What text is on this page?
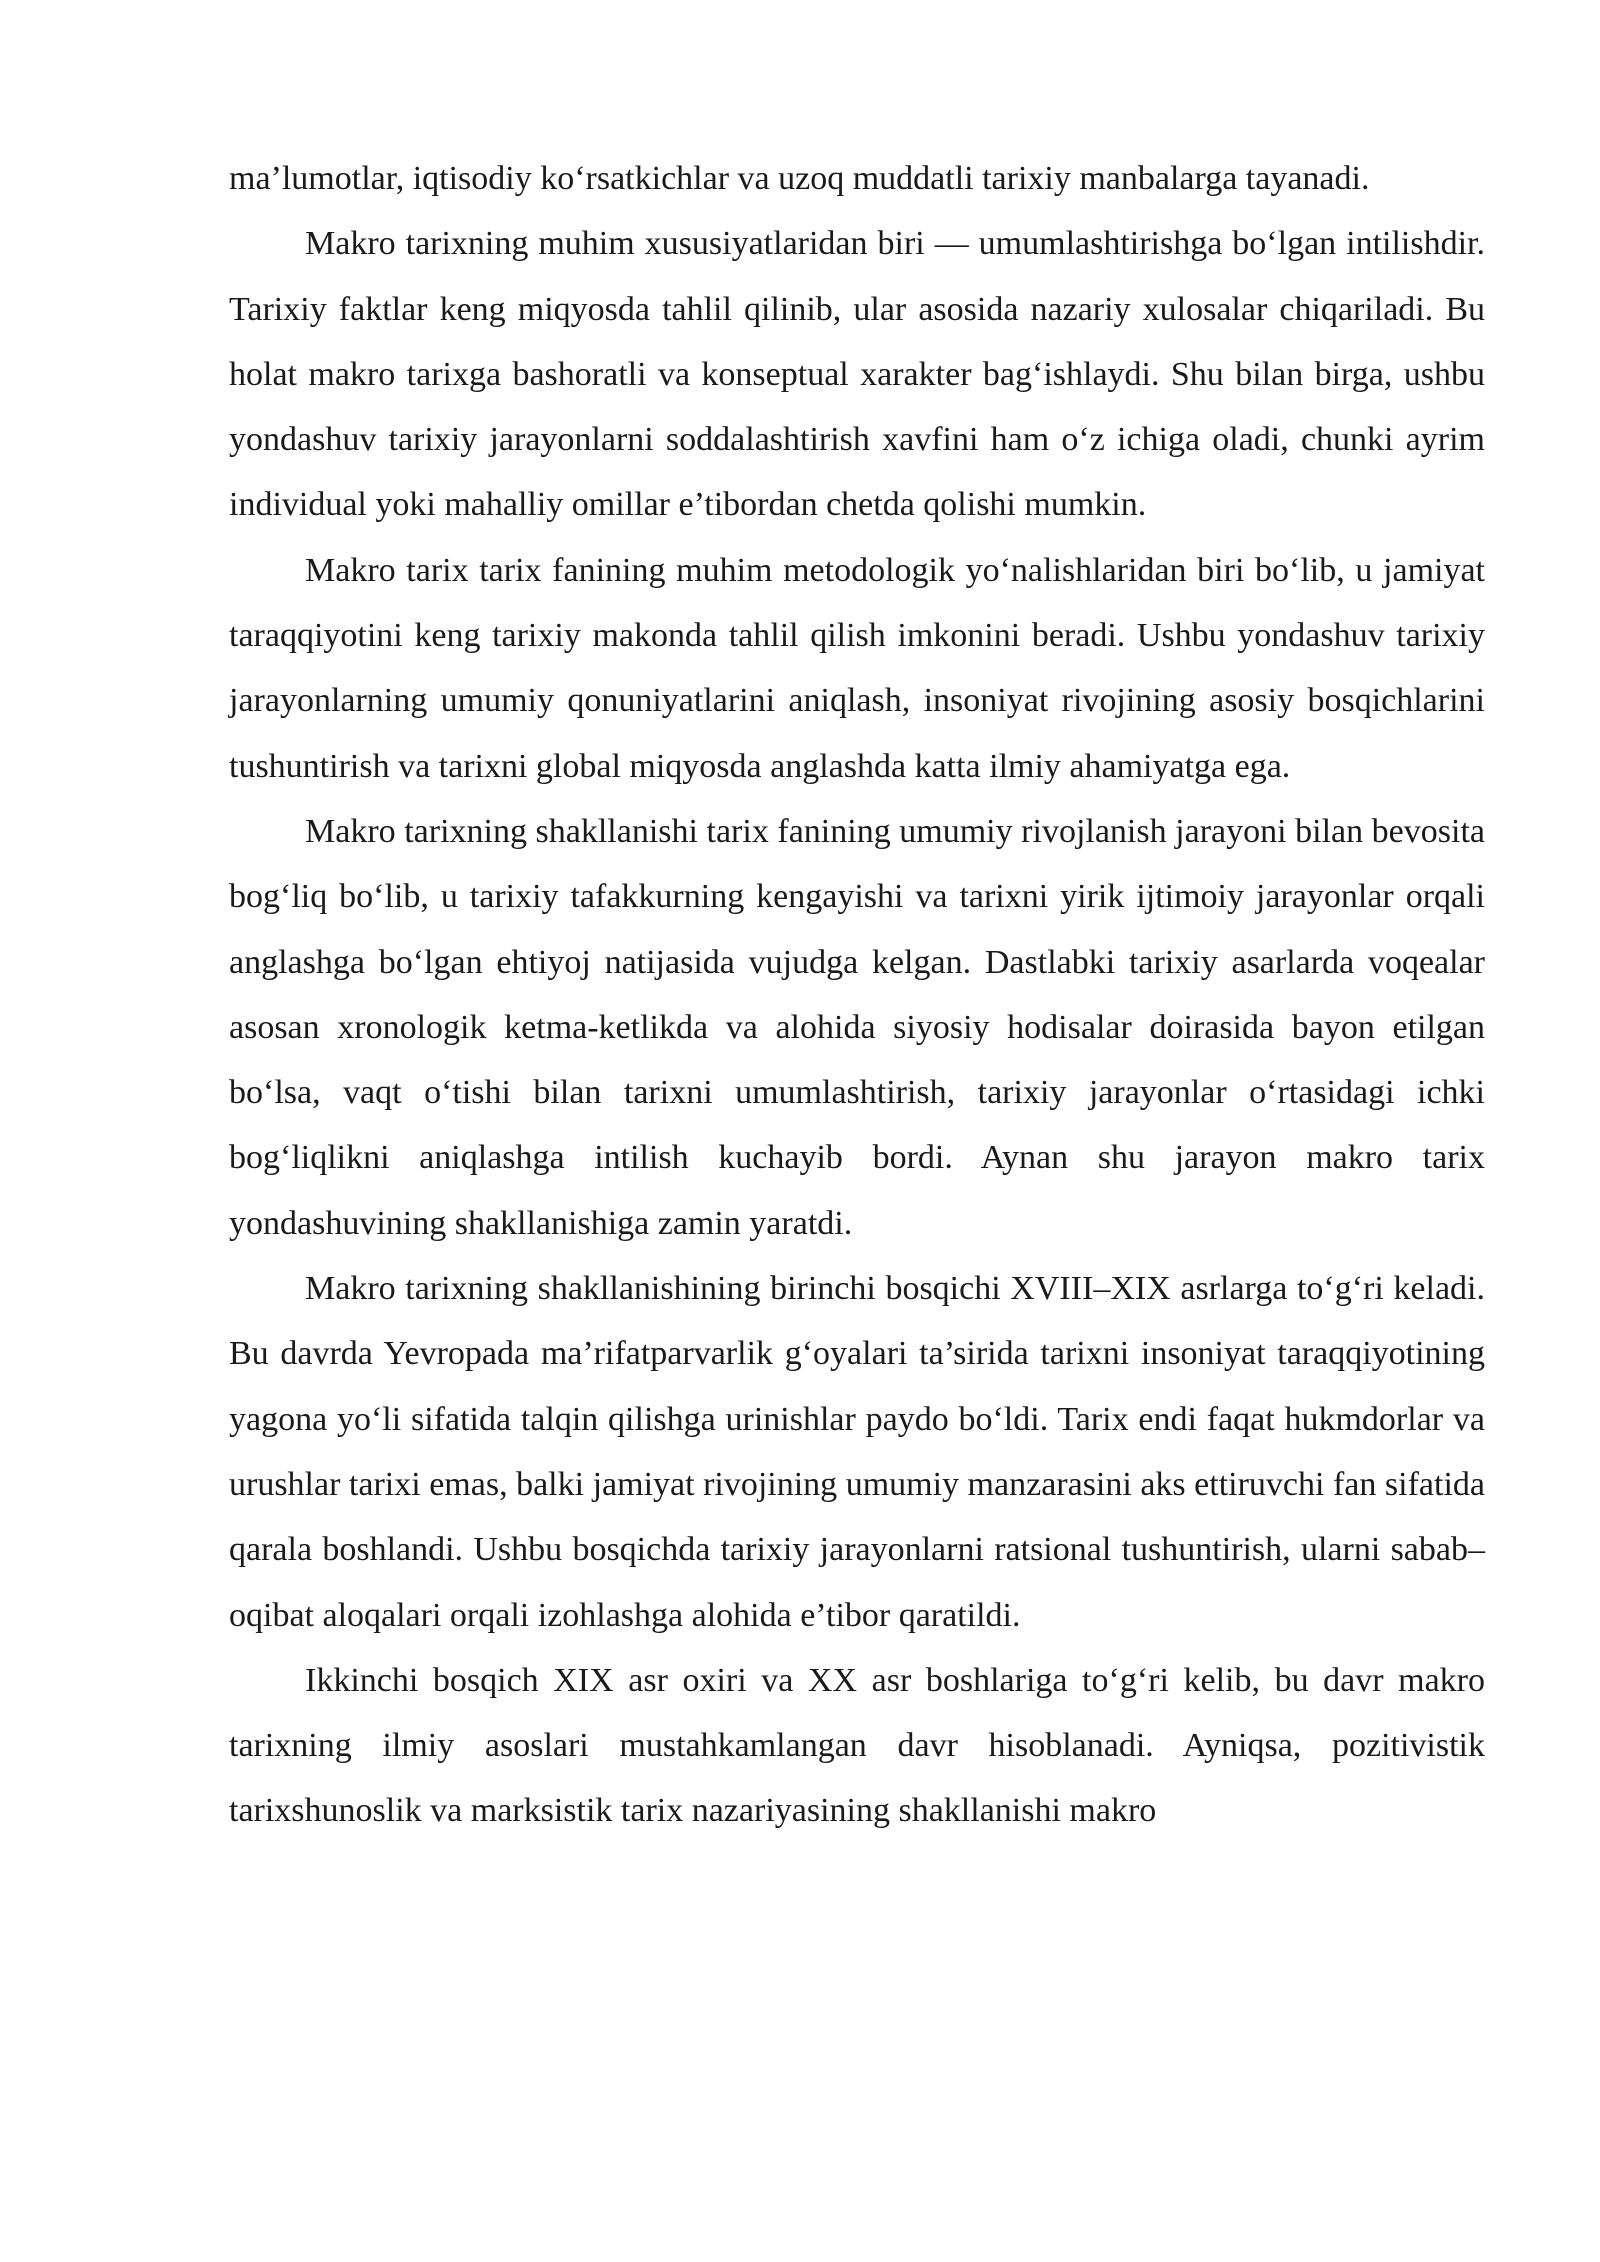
ma’lumotlar, iqtisodiy ko‘rsatkichlar va uzoq muddatli tarixiy manbalarga tayanadi.

Makro tarixning muhim xususiyatlaridan biri — umumlashtirishga bo‘lgan intilishdir. Tarixiy faktlar keng miqyosda tahlil qilinib, ular asosida nazariy xulosalar chiqariladi. Bu holat makro tarixga bashoratli va konseptual xarakter bag‘ishlaydi. Shu bilan birga, ushbu yondashuv tarixiy jarayonlarni soddalashtirish xavfini ham o‘z ichiga oladi, chunki ayrim individual yoki mahalliy omillar e’tibordan chetda qolishi mumkin.

Makro tarix tarix fanining muhim metodologik yo‘nalishlaridan biri bo‘lib, u jamiyat taraqqiyotini keng tarixiy makonda tahlil qilish imkonini beradi. Ushbu yondashuv tarixiy jarayonlarning umumiy qonuniyatlarini aniqlash, insoniyat rivojining asosiy bosqichlarini tushuntirish va tarixni global miqyosda anglashda katta ilmiy ahamiyatga ega.

Makro tarixning shakllanishi tarix fanining umumiy rivojlanish jarayoni bilan bevosita bog‘liq bo‘lib, u tarixiy tafakkurning kengayishi va tarixni yirik ijtimoiy jarayonlar orqali anglashga bo‘lgan ehtiyoj natijasida vujudga kelgan. Dastlabki tarixiy asarlarda voqealar asosan xronologik ketma-ketlikda va alohida siyosiy hodisalar doirasida bayon etilgan bo‘lsa, vaqt o‘tishi bilan tarixni umumlashtirish, tarixiy jarayonlar o‘rtasidagi ichki bog‘liqlikni aniqlashga intilish kuchayib bordi. Aynan shu jarayon makro tarix yondashuvining shakllanishiga zamin yaratdi.

Makro tarixning shakllanishining birinchi bosqichi XVIII–XIX asrlarga to‘g‘ri keladi. Bu davrda Yevropada ma’rifatparvarlik g‘oyalari ta’sirida tarixni insoniyat taraqqiyotining yagona yo‘li sifatida talqin qilishga urinishlar paydo bo‘ldi. Tarix endi faqat hukmdorlar va urushlar tarixi emas, balki jamiyat rivojining umumiy manzarasini aks ettiruvchi fan sifatida qarala boshlandi. Ushbu bosqichda tarixiy jarayonlarni ratsional tushuntirish, ularni sabab–oqibat aloqalari orqali izohlashga alohida e’tibor qaratildi.

Ikkinchi bosqich XIX asr oxiri va XX asr boshlariga to‘g‘ri kelib, bu davr makro tarixning ilmiy asoslari mustahkamlangan davr hisoblanadi. Ayniqsa, pozitivistik tarixshunoslik va marksistik tarix nazariyasining shakllanishi makro
